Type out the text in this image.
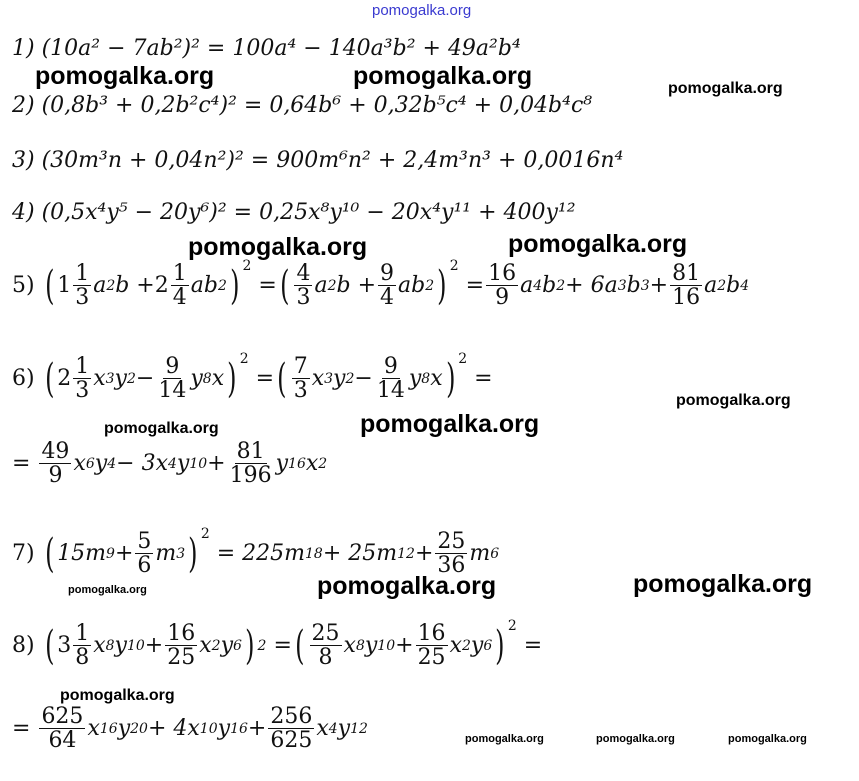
pomogalka.org
1) (10a² − 7ab²)² = 100a⁴ − 140a³b² + 49a²b⁴
2) (0,8b³ + 0,2b²c⁴)² = 0,64b⁶ + 0,32b⁵c⁴ + 0,04b⁴c⁸
3) (30m³n + 0,04n²)² = 900m⁶n² + 2,4m³n³ + 0,0016n⁴
4) (0,5x⁴y⁵ − 20y⁶)² = 0,25x⁸y¹⁰ − 20x⁴y¹¹ + 400y¹²
5) ( $1 \frac{1}{3}$ a 2 $b + 2 \frac{1}{4}$ ab 2 ) 2
= ( $\frac{4}{3}$ a 2 $b + \frac{9}{4}$ ab 2 ) 2
= $\frac{16}{9}$ a 4 b 2 + 6a 3 b $3 + \frac{81}{16}$ a 2 b 4
6) ( $2 \frac{1}{3}$ x 3 y $2 - \frac{9}{14}$ y 8 x ) 2
= ( $\frac{7}{3}$ x 3 y $2 - \frac{9}{14}$ y 8 x ) 2
=
= $\frac{49}{9}$ x 6 y 4 − 3x 4 y $10 + \frac{81}{196}$ y 16 x 2
7) ( 15m $9 + \frac{5}{6}$ m 3 ) 2
= 225m 18 + 25m $12 + \frac{25}{36}$ m 6
8) ( $3 \frac{1}{8}$ x 8 y $10 + \frac{16}{25}$ x 2 y 6 ) 2 = ( $\frac{25}{8}$ x 8 y $10 + \frac{16}{25}$ x 2 y 6 ) 2
=
= $\frac{625}{64}$ x 16 y 20 + 4x 10 y $16 + \frac{256}{625}$ x 4 y 12
pomogalka.org	pomogalka.org	pomogalka.org
pomogalka.org	pomogalka.org
pomogalka.org
pomogalka.org	pomogalka.org
pomogalka.org	pomogalka.org	pomogalka.org
pomogalka.org
pomogalka.org	pomogalka.org	pomogalka.org
